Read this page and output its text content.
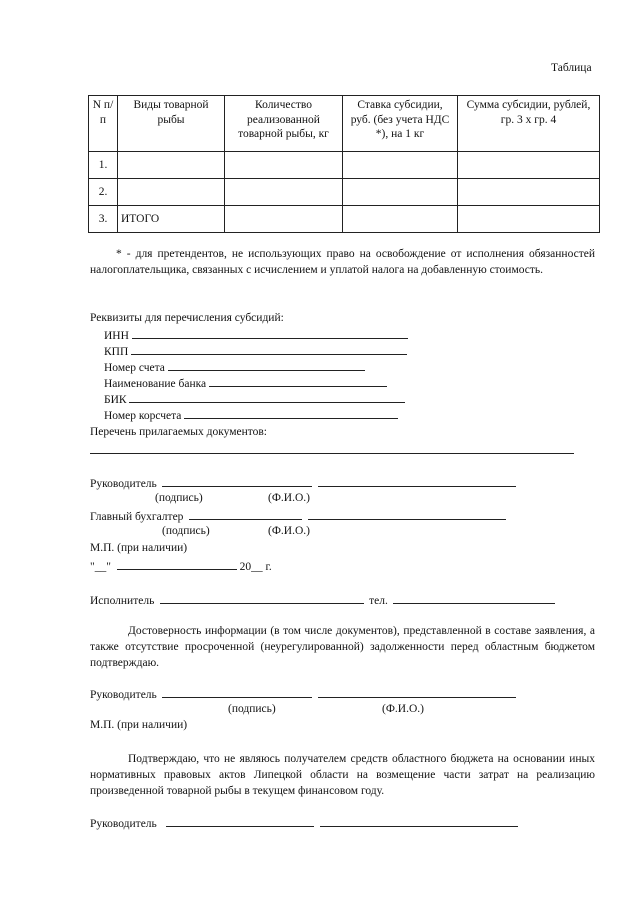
Таблица
N п/п	Виды товарной рыбы	Количество реализованной товарной рыбы, кг	Ставка субсидии, руб. (без учета НДС *), на 1 кг	Сумма субсидии, рублей, гр. 3 x гр. 4
1.				
2.				
3.	ИТОГО			
* - для претендентов, не использующих право на освобождение от исполнения обязанностей налогоплательщика, связанных с исчислением и уплатой налога на добавленную стоимость.
Реквизиты для перечисления субсидий:
ИНН
КПП
Номер счета
Наименование банка
БИК
Номер корсчета
Перечень прилагаемых документов:
Руководитель
(подпись)	(Ф.И.О.)
Главный бухгалтер
(подпись)	(Ф.И.О.)
М.П. (при наличии)
"__"	20__ г.
Исполнитель	тел.
Достоверность информации (в том числе документов), представленной в составе заявления, а также отсутствие просроченной (неурегулированной) задолженности перед областным бюджетом подтверждаю.
Руководитель
(подпись)	(Ф.И.О.)
М.П. (при наличии)
Подтверждаю, что не являюсь получателем средств областного бюджета на основании иных нормативных правовых актов Липецкой области на возмещение части затрат на реализацию произведенной товарной рыбы в текущем финансовом году.
Руководитель
